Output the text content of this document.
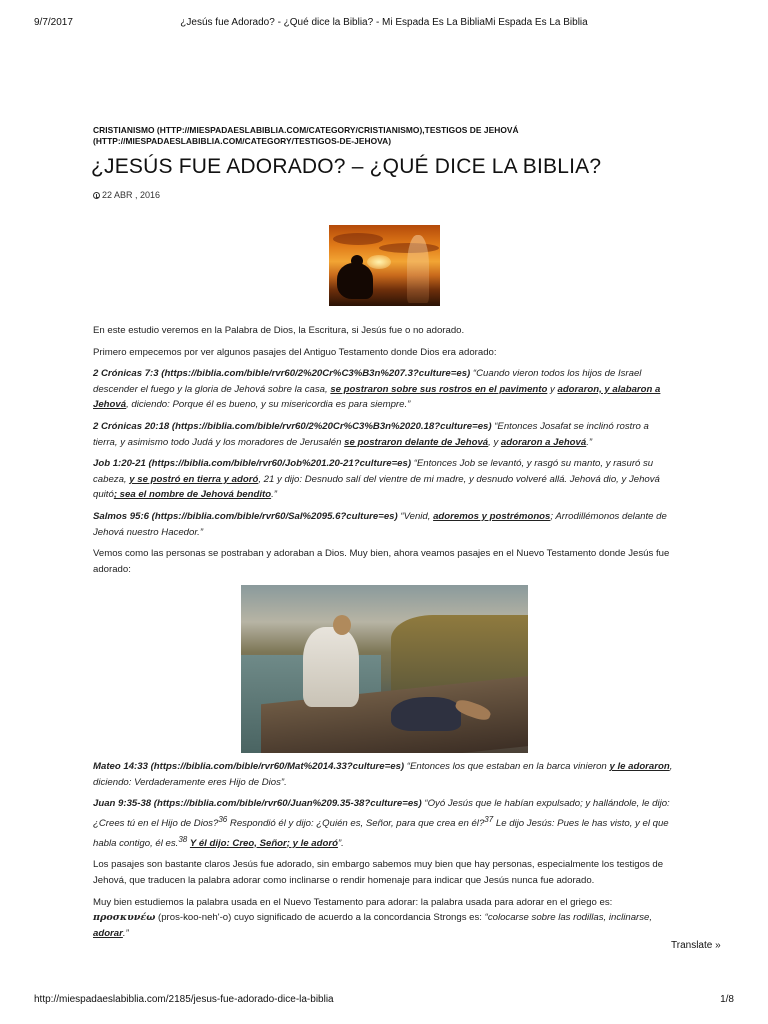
9/7/2017	¿Jesús fue Adorado? - ¿Qué dice la Biblia? - Mi Espada Es La BibliaMi Espada Es La Biblia
CRISTIANISMO (HTTP://MIESPADAESLABIBLIA.COM/CATEGORY/CRISTIANISMO),TESTIGOS DE JEHOVÁ
(HTTP://MIESPADAESLABIBLIA.COM/CATEGORY/TESTIGOS-DE-JEHOVA)
¿JESÚS FUE ADORADO? – ¿QUÉ DICE LA BIBLIA?
22 ABR , 2016

En este estudio veremos en la Palabra de Dios, la Escritura, si Jesús fue o no adorado.

Primero empecemos por ver algunos pasajes del Antiguo Testamento donde Dios era adorado:

2 Crónicas 7:3 (https://biblia.com/bible/rvr60/2%20Cr%C3%B3n%207.3?culture=es) “Cuando vieron todos los hijos de Israel descender el fuego y la gloria de Jehová sobre la casa, se postraron sobre sus rostros en el pavimento y adoraron, y alabaron a Jehová, diciendo: Porque él es bueno, y su misericordia es para siempre.”

2 Crónicas 20:18 (https://biblia.com/bible/rvr60/2%20Cr%C3%B3n%2020.18?culture=es) “Entonces Josafat se inclinó rostro a tierra, y asimismo todo Judá y los moradores de Jerusalén se postraron delante de Jehová, y adoraron a Jehová.”

Job 1:20-21 (https://biblia.com/bible/rvr60/Job%201.20-21?culture=es) “Entonces Job se levantó, y rasgó su manto, y rasuró su cabeza, y se postró en tierra y adoró, 21 y dijo: Desnudo salí del vientre de mi madre, y desnudo volveré allá. Jehová dio, y Jehová quitó; sea el nombre de Jehová bendito.”

Salmos 95:6 (https://biblia.com/bible/rvr60/Sal%2095.6?culture=es) “Venid, adoremos y postrémonos; Arrodillémonos delante de Jehová nuestro Hacedor.”

Vemos como las personas se postraban y adoraban a Dios. Muy bien, ahora veamos pasajes en el Nuevo Testamento donde Jesús fue adorado:

Mateo 14:33 (https://biblia.com/bible/rvr60/Mat%2014.33?culture=es) “Entonces los que estaban en la barca vinieron y le adoraron, diciendo: Verdaderamente eres Hijo de Dios”.

Juan 9:35-38 (https://biblia.com/bible/rvr60/Juan%209.35-38?culture=es) “Oyó Jesús que le habían expulsado; y hallándole, le dijo: ¿Crees tú en el Hijo de Dios?$^{36}$ Respondió él y dijo: ¿Quién es, Señor, para que crea en él?$^{37}$ Le dijo Jesús: Pues le has visto, y el que habla contigo, él es.$^{38}$ Y él dijo: Creo, Señor; y le adoró”.

Los pasajes son bastante claros Jesús fue adorado, sin embargo sabemos muy bien que hay personas, especialmente los testigos de Jehová, que traducen la palabra adorar como inclinarse o rendir homenaje para indicar que Jesús nunca fue adorado.

Muy bien estudiemos la palabra usada en el Nuevo Testamento para adorar: la palabra usada para adorar en el griego es: προσκυνέω (pros-koo-neh'-o) cuyo significado de acuerdo a la concordancia Strongs es: “colocarse sobre las rodillas, inclinarse, adorar.”

Translate »
http://miespadaeslabiblia.com/2185/jesus-fue-adorado-dice-la-biblia	1/8
